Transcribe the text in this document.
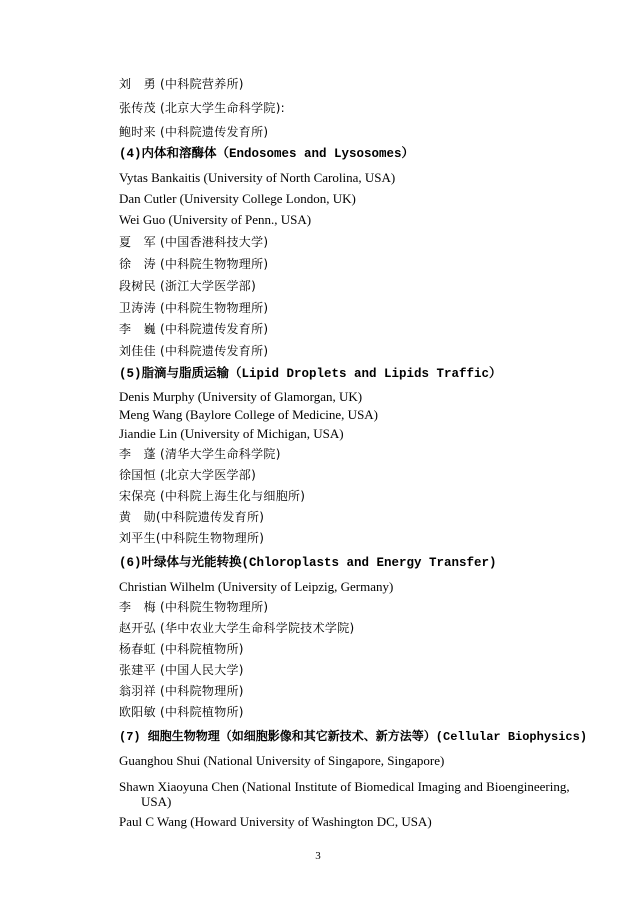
刘　勇 (中科院营养所)
张传茂 (北京大学生命科学院):
鲍时来 (中科院遗传发育所)
(4)内体和溶酶体（Endosomes and Lysosomes）
Vytas Bankaitis (University of North Carolina, USA)
Dan Cutler (University College London, UK)
Wei Guo (University of Penn., USA)
夏　军 (中国香港科技大学)
徐　涛 (中科院生物物理所)
段树民 (浙江大学医学部)
卫涛涛 (中科院生物物理所)
李　巍 (中科院遗传发育所)
刘佳佳 (中科院遗传发育所)
(5)脂滴与脂质运输（Lipid Droplets and Lipids Traffic）
Denis Murphy (University of Glamorgan, UK)
Meng Wang (Baylore College of Medicine, USA)
Jiandie Lin (University of Michigan, USA)
李　蓬 (清华大学生命科学院)
徐国恒 (北京大学医学部)
宋保亮 (中科院上海生化与细胞所)
黄　勋(中科院遗传发育所)
刘平生(中科院生物物理所)
(6)叶绿体与光能转换(Chloroplasts and Energy Transfer)
Christian Wilhelm (University of Leipzig, Germany)
李　梅 (中科院生物物理所)
赵开弘 (华中农业大学生命科学院技术学院)
杨春虹 (中科院植物所)
张建平 (中国人民大学)
翁羽祥 (中科院物理所)
欧阳敏 (中科院植物所)
(7) 细胞生物物理（如细胞影像和其它新技术、新方法等）(Cellular Biophysics)
Guanghou Shui (National University of Singapore, Singapore)
Shawn Xiaoyuna Chen (National Institute of Biomedical Imaging and Bioengineering,
USA)
Paul C Wang (Howard University of Washington DC, USA)
3
